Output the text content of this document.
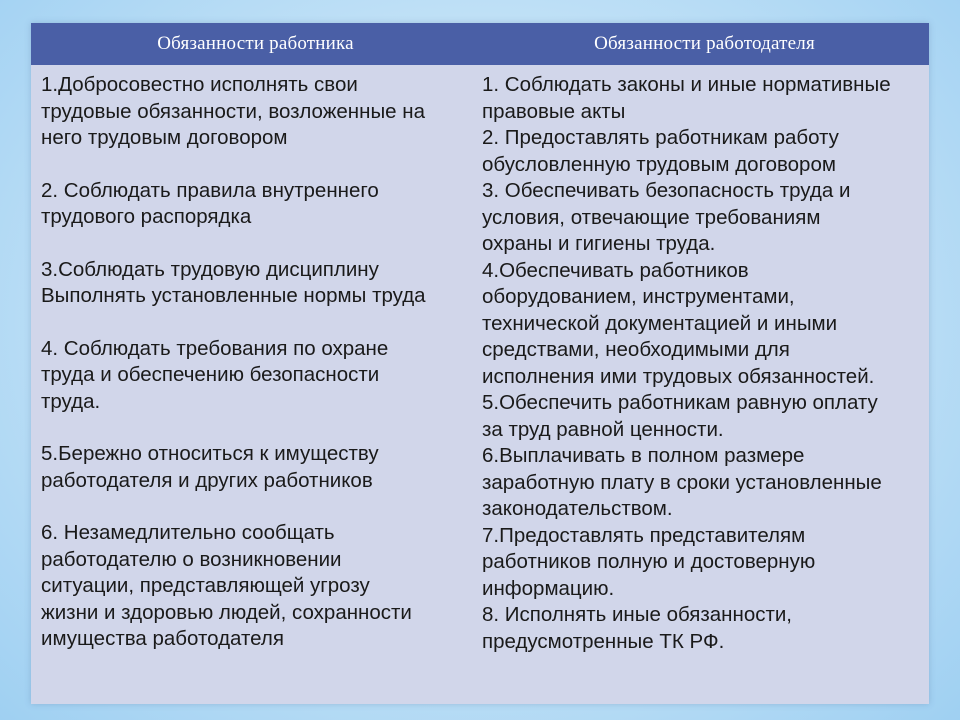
Обязанности работника	Обязанности работодателя
1.Добросовестно исполнять свои
трудовые обязанности, возложенные на
него трудовым договором
2. Соблюдать правила внутреннего
трудового распорядка
3.Соблюдать трудовую дисциплину
Выполнять установленные нормы труда
4. Соблюдать требования по охране
труда и обеспечению безопасности
труда.
5.Бережно относиться к имуществу
работодателя и других работников
6. Незамедлительно сообщать
работодателю о возникновении
ситуации, представляющей угрозу
жизни и здоровью людей, сохранности
имущества работодателя
1. Соблюдать законы и иные нормативные
правовые акты
2. Предоставлять работникам работу
обусловленную трудовым договором
3. Обеспечивать безопасность труда и
условия, отвечающие требованиям
охраны и гигиены труда.
4.Обеспечивать работников
оборудованием, инструментами,
технической документацией и иными
средствами, необходимыми для
исполнения ими трудовых обязанностей.
5.Обеспечить работникам равную оплату
за труд равной ценности.
6.Выплачивать в полном размере
заработную плату в сроки установленные
законодательством.
7.Предоставлять представителям
работников полную и достоверную
информацию.
8. Исполнять иные обязанности,
предусмотренные ТК РФ.
